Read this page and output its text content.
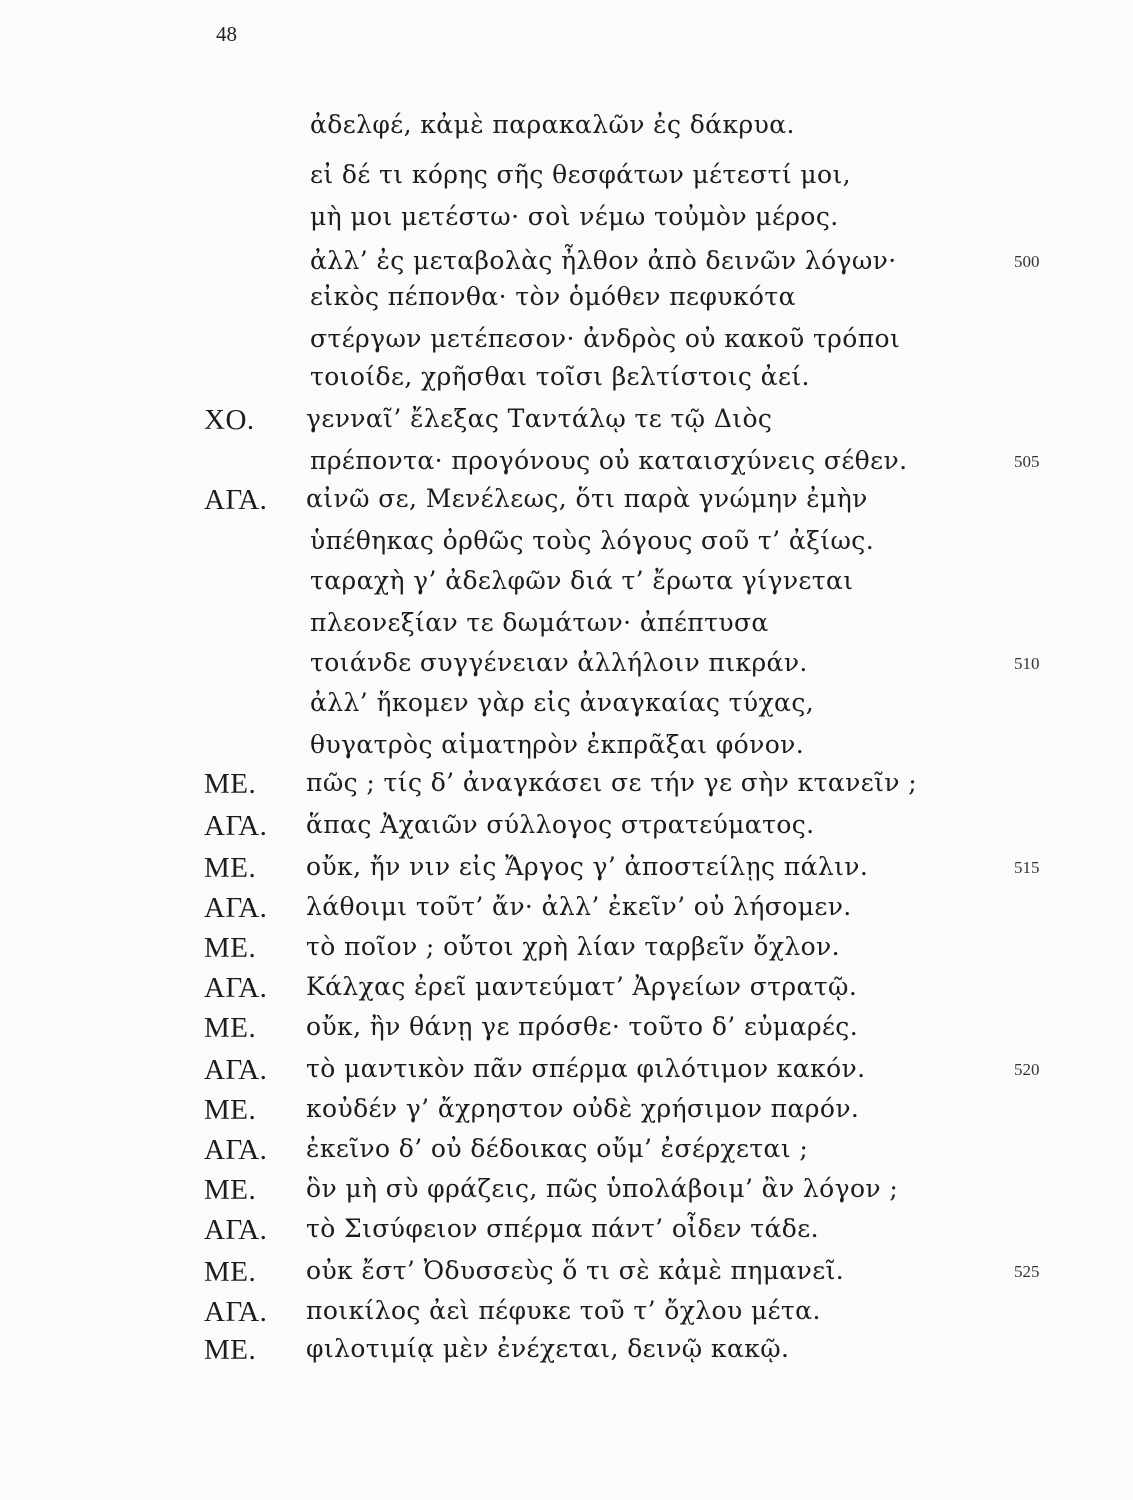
48
ἀδελφέ, κἀμὲ παρακαλῶν ἐς δάκρυα.
εἰ δέ τι κόρης σῆς θεσφάτων μέτεστί μοι,
μὴ μοι μετέστω· σοὶ νέμω τοὐμὸν μέρος.
ἀλλ’ ἐς μεταβολὰς ἦλθον ἀπὸ δεινῶν λόγων·	500
εἰκὸς πέπονθα· τὸν ὁμόθεν πεφυκότα
στέργων μετέπεσον· ἀνδρὸς οὐ κακοῦ τρόποι
τοιοίδε, χρῆσθαι τοῖσι βελτίστοις ἀεί.
ΧΟ. γενναῖ’ ἔλεξας Ταντάλῳ τε τῷ Διὸς
πρέποντα· προγόνους οὐ καταισχύνεις σέθεν.	505
ΑΓΑ. αἰνῶ σε, Μενέλεως, ὅτι παρὰ γνώμην ἐμὴν
ὑπέθηκας ὀρθῶς τοὺς λόγους σοῦ τ’ ἀξίως.
ταραχὴ γ’ ἀδελφῶν διά τ’ ἔρωτα γίγνεται
πλεονεξίαν τε δωμάτων· ἀπέπτυσα
τοιάνδε συγγένειαν ἀλλήλοιν πικράν.	510
ἀλλ’ ἥκομεν γὰρ εἰς ἀναγκαίας τύχας,
θυγατρὸς αἱματηρὸν ἐκπρᾶξαι φόνον.
ΜΕ. πῶς ; τίς δ’ ἀναγκάσει σε τήν γε σὴν κτανεῖν ;
ΑΓΑ. ἅπας Ἀχαιῶν σύλλογος στρατεύματος.
ΜΕ. οὔκ, ἤν νιν εἰς Ἄργος γ’ ἀποστείλῃς πάλιν.	515
ΑΓΑ. λάθοιμι τοῦτ’ ἄν· ἀλλ’ ἐκεῖν’ οὐ λήσομεν.
ΜΕ. τὸ ποῖον ; οὔτοι χρὴ λίαν ταρβεῖν ὄχλον.
ΑΓΑ. Κάλχας ἐρεῖ μαντεύματ’ Ἀργείων στρατῷ.
ΜΕ. οὔκ, ἢν θάνῃ γε πρόσθε· τοῦτο δ’ εὐμαρές.
ΑΓΑ. τὸ μαντικὸν πᾶν σπέρμα φιλότιμον κακόν.	520
ΜΕ. κοὐδέν γ’ ἄχρηστον οὐδὲ χρήσιμον παρόν.
ΑΓΑ. ἐκεῖνο δ’ οὐ δέδοικας οὔμ’ ἐσέρχεται ;
ΜΕ. ὃν μὴ σὺ φράζεις, πῶς ὑπολάβοιμ’ ἂν λόγον ;
ΑΓΑ. τὸ Σισύφειον σπέρμα πάντ’ οἶδεν τάδε.
ΜΕ. οὐκ ἔστ’ Ὀδυσσεὺς ὅ τι σὲ κἀμὲ πημανεῖ.	525
ΑΓΑ. ποικίλος ἀεὶ πέφυκε τοῦ τ’ ὄχλου μέτα.
ΜΕ. φιλοτιμίᾳ μὲν ἐνέχεται, δεινῷ κακῷ.
